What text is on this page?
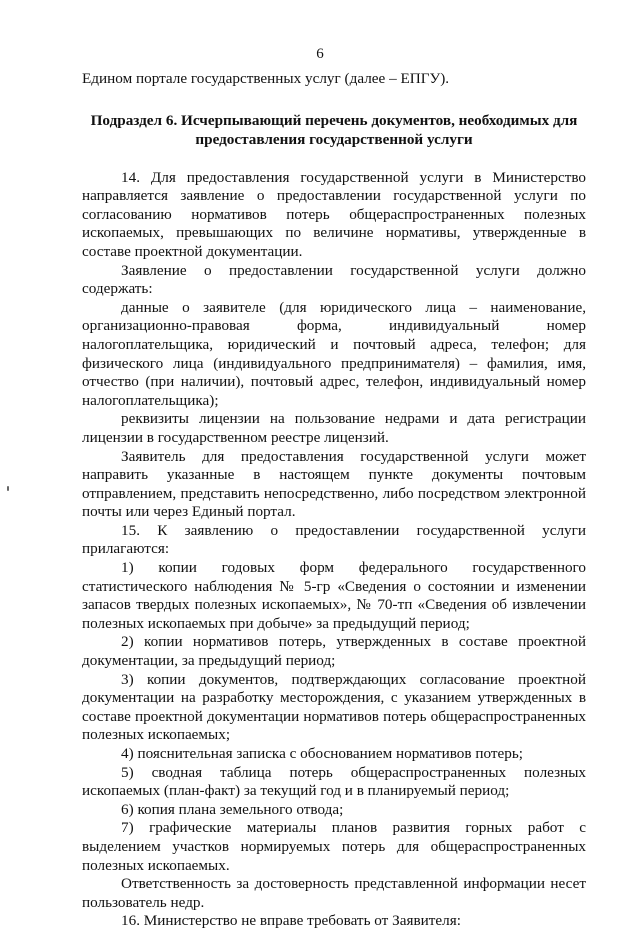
6

Едином портале государственных услуг (далее – ЕПГУ).

Подраздел 6. Исчерпывающий перечень документов, необходимых для предоставления государственной услуги

14. Для предоставления государственной услуги в Министерство направляется заявление о предоставлении государственной услуги по согласованию нормативов потерь общераспространенных полезных ископаемых, превышающих по величине нормативы, утвержденные в составе проектной документации.

Заявление о предоставлении государственной услуги должно содержать:

данные о заявителе (для юридического лица – наименование, организационно-правовая форма, индивидуальный номер налогоплательщика, юридический и почтовый адреса, телефон; для физического лица (индивидуального предпринимателя) – фамилия, имя, отчество (при наличии), почтовый адрес, телефон, индивидуальный номер налогоплательщика);

реквизиты лицензии на пользование недрами и дата регистрации лицензии в государственном реестре лицензий.

Заявитель для предоставления государственной услуги может направить указанные в настоящем пункте документы почтовым отправлением, представить непосредственно, либо посредством электронной почты или через Единый портал.

15. К заявлению о предоставлении государственной услуги прилагаются:

1) копии годовых форм федерального государственного статистического наблюдения № 5-гр «Сведения о состоянии и изменении запасов твердых полезных ископаемых», № 70-тп «Сведения об извлечении полезных ископаемых при добыче» за предыдущий период;

2) копии нормативов потерь, утвержденных в составе проектной документации, за предыдущий период;

3) копии документов, подтверждающих согласование проектной документации на разработку месторождения, с указанием утвержденных в составе проектной документации нормативов потерь общераспространенных полезных ископаемых;

4) пояснительная записка с обоснованием нормативов потерь;

5) сводная таблица потерь общераспространенных полезных ископаемых (план-факт) за текущий год и в планируемый период;

6) копия плана земельного отвода;

7) графические материалы планов развития горных работ с выделением участков нормируемых потерь для общераспространенных полезных ископаемых.

Ответственность за достоверность представленной информации несет пользователь недр.

16. Министерство не вправе требовать от Заявителя:
